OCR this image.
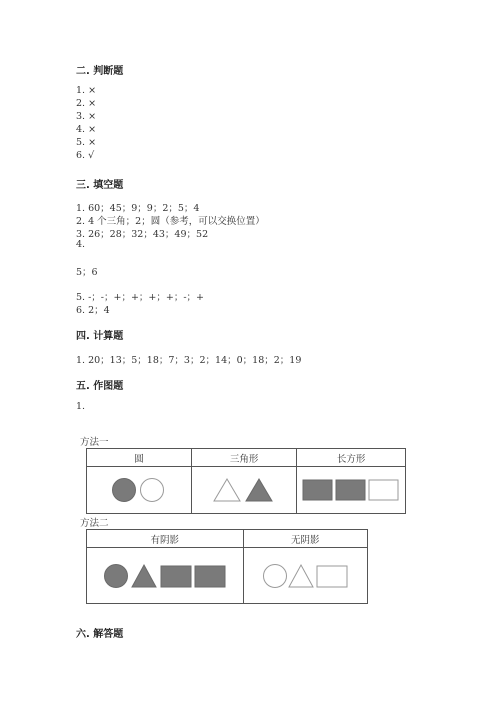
二. 判断题
1. ×
2. ×
3. ×
4. ×
5. ×
6. √
三. 填空题
1. 60；45；9；9；2；5；4
2. 4 个三角；2；圆（参考，可以交换位置）
3. 26；28；32；43；49；52
4.
5；6
5. -；-；+；+；+；+；-；+
6. 2；4
四. 计算题
1. 20；13；5；18；7；3；2；14；0；18；2；19
五. 作图题
1.
方法一
圆	三角形	长方形

方法二
有阴影	无阴影

六. 解答题
